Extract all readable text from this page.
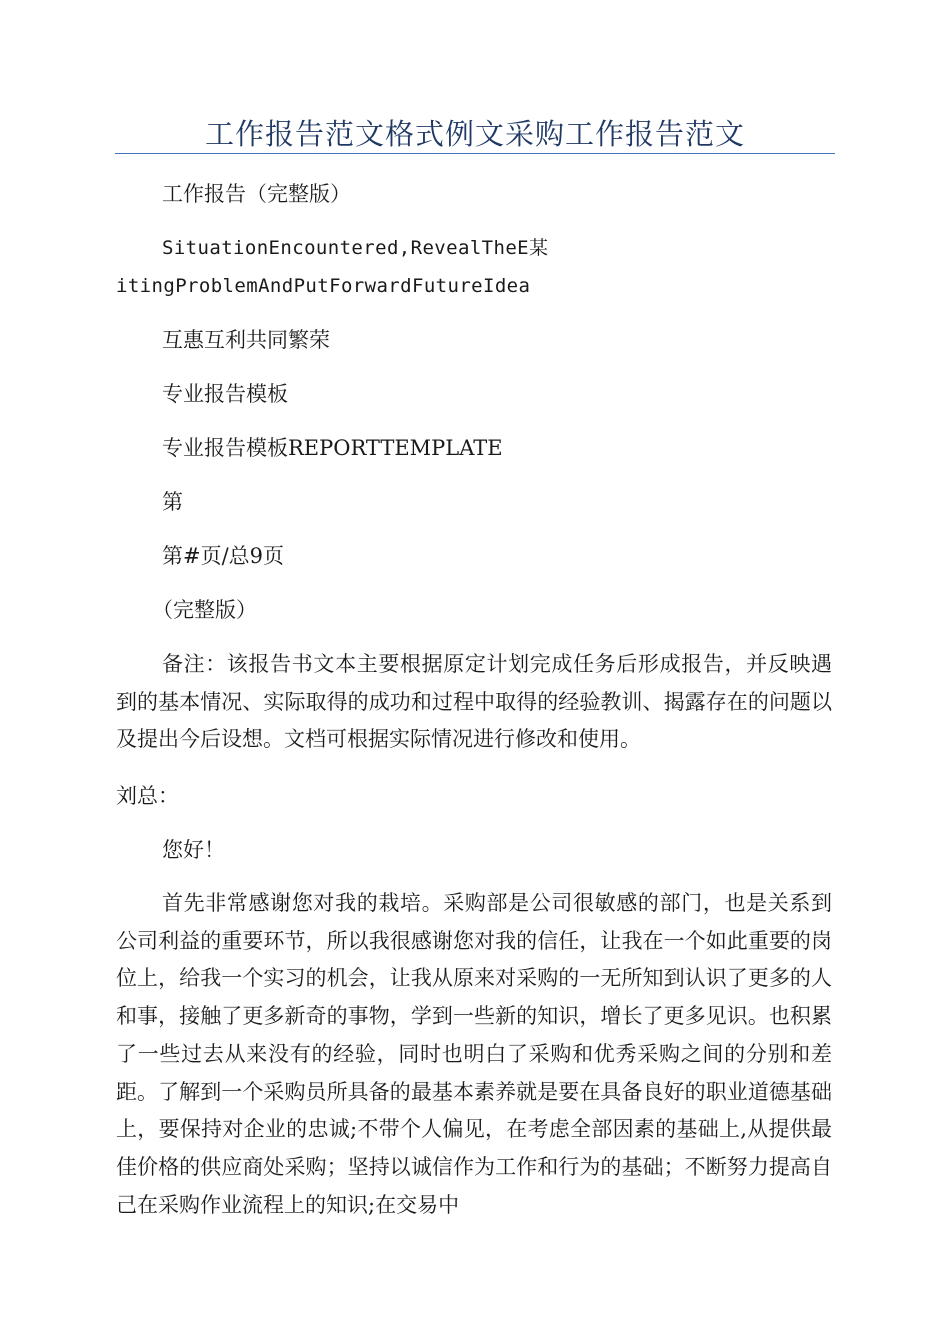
工作报告范文格式例文采购工作报告范文
工作报告（完整版）
SituationEncountered,RevealTheE某
itingProblemAndPutForwardFutureIdea
互惠互利共同繁荣
专业报告模板
专业报告模板REPORTTEMPLATE
第
第#页/总9页
（完整版）

备注：该报告书文本主要根据原定计划完成任务后形成报告，并反映遇到的基本情况、实际取得的成功和过程中取得的经验教训、揭露存在的问题以及提出今后设想。文档可根据实际情况进行修改和使用。

刘总：
您好！

首先非常感谢您对我的栽培。采购部是公司很敏感的部门，也是关系到公司利益的重要环节，所以我很感谢您对我的信任，让我在一个如此重要的岗位上，给我一个实习的机会，让我从原来对采购的一无所知到认识了更多的人和事，接触了更多新奇的事物，学到一些新的知识，增长了更多见识。也积累了一些过去从来没有的经验，同时也明白了采购和优秀采购之间的分别和差距。了解到一个采购员所具备的最基本素养就是要在具备良好的职业道德基础上，要保持对企业的忠诚;不带个人偏见，在考虑全部因素的基础上,从提供最佳价格的供应商处采购；坚持以诚信作为工作和行为的基础；不断努力提高自己在采购作业流程上的知识;在交易中
